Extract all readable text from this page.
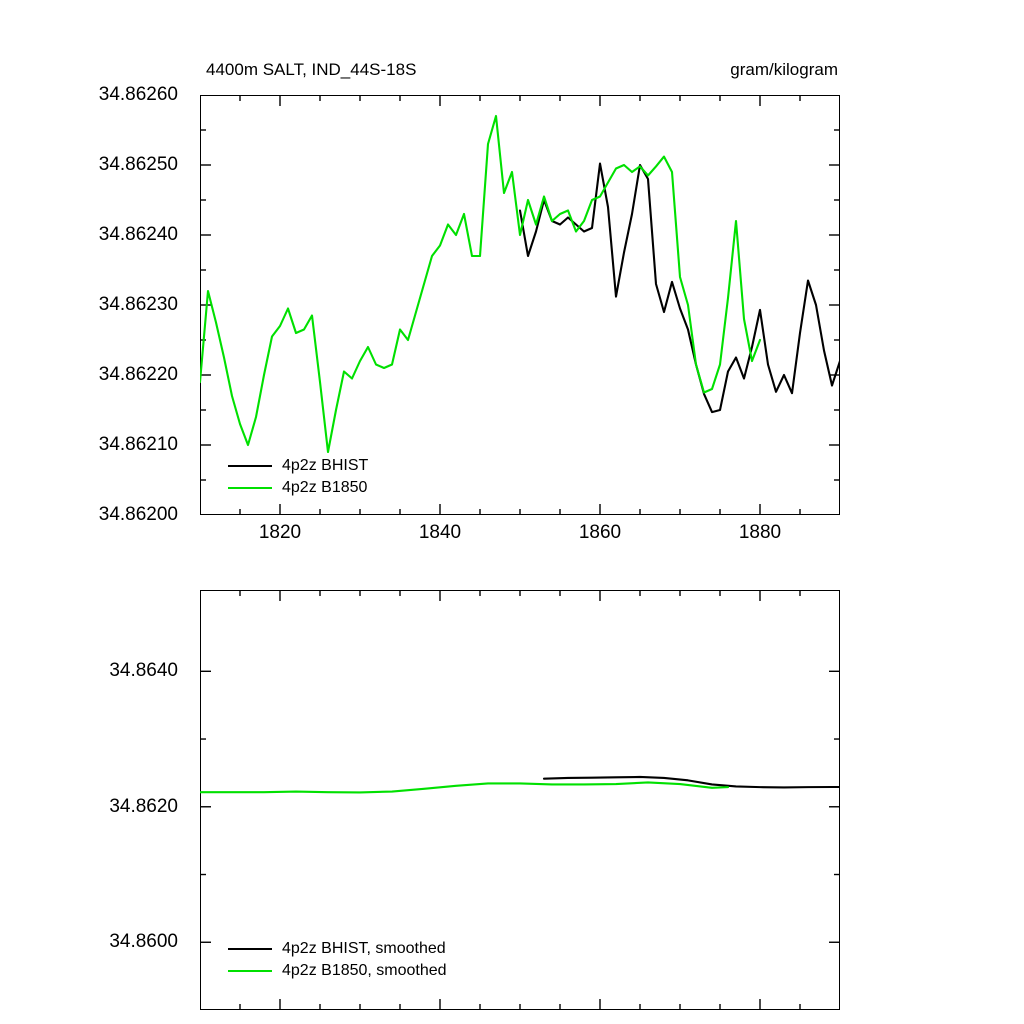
4400m SALT, IND_44S-18S	gram/kilogram
34.86200
34.86210
34.86220
34.86230
34.86240
34.86250
34.86260
1820	1840	1860	1880
4p2z BHIST
4p2z B1850
34.8600
34.8620
34.8640
4p2z BHIST, smoothed
4p2z B1850, smoothed
